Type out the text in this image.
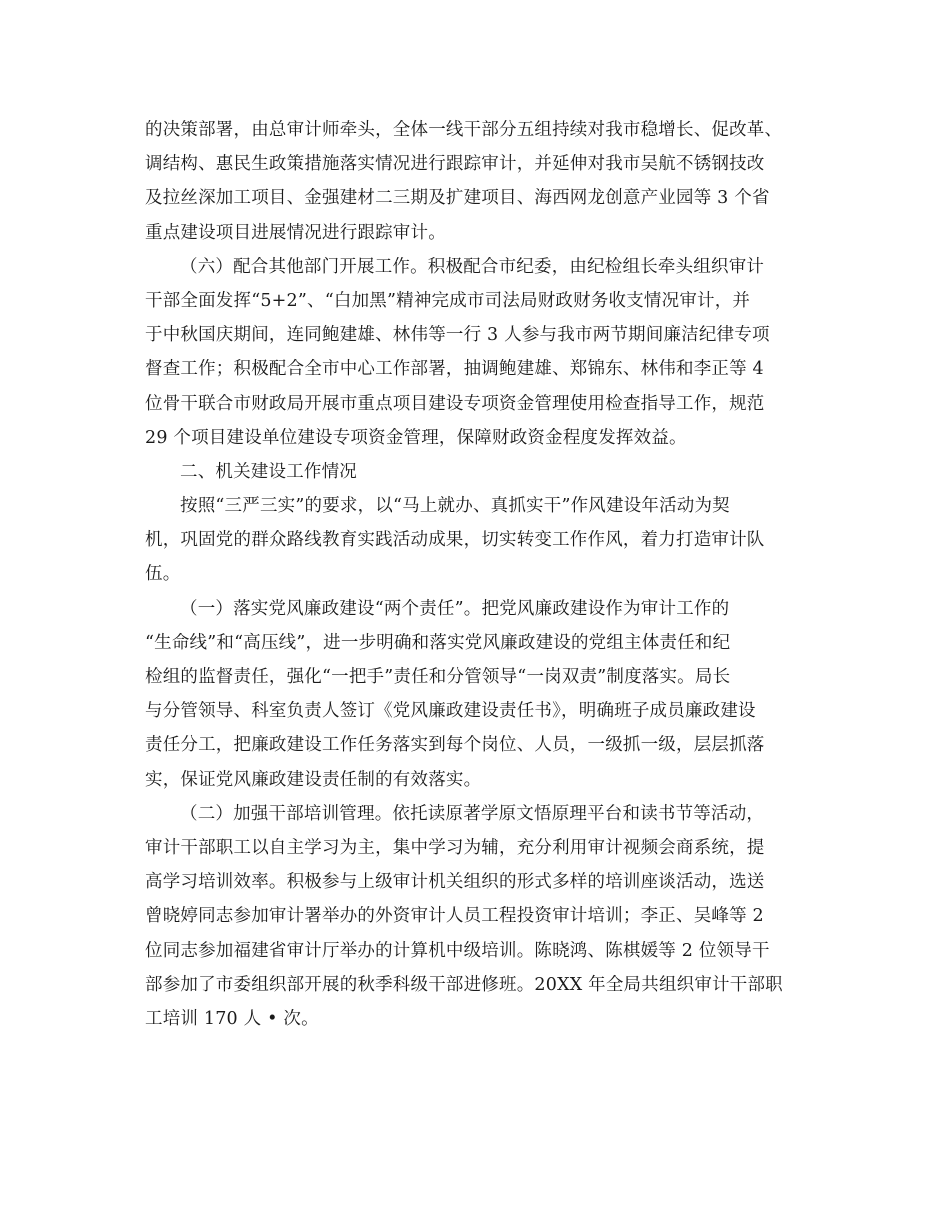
的决策部署，由总审计师牵头，全体一线干部分五组持续对我市稳增长、促改革、
调结构、惠民生政策措施落实情况进行跟踪审计，并延伸对我市吴航不锈钢技改
及拉丝深加工项目、金强建材二三期及扩建项目、海西网龙创意产业园等 3 个省
重点建设项目进展情况进行跟踪审计。
（六）配合其他部门开展工作。积极配合市纪委，由纪检组长牵头组织审计
干部全面发挥“5+2”、“白加黑”精神完成市司法局财政财务收支情况审计，并
于中秋国庆期间，连同鲍建雄、林伟等一行 3 人参与我市两节期间廉洁纪律专项
督查工作；积极配合全市中心工作部署，抽调鲍建雄、郑锦东、林伟和李正等 4
位骨干联合市财政局开展市重点项目建设专项资金管理使用检查指导工作，规范
29 个项目建设单位建设专项资金管理，保障财政资金程度发挥效益。
二、机关建设工作情况
按照“三严三实”的要求，以“马上就办、真抓实干”作风建设年活动为契
机，巩固党的群众路线教育实践活动成果，切实转变工作作风，着力打造审计队
伍。
（一）落实党风廉政建设“两个责任”。把党风廉政建设作为审计工作的
“生命线”和“高压线”，进一步明确和落实党风廉政建设的党组主体责任和纪
检组的监督责任，强化“一把手”责任和分管领导“一岗双责”制度落实。局长
与分管领导、科室负责人签订《党风廉政建设责任书》，明确班子成员廉政建设
责任分工，把廉政建设工作任务落实到每个岗位、人员，一级抓一级，层层抓落
实，保证党风廉政建设责任制的有效落实。
（二）加强干部培训管理。依托读原著学原文悟原理平台和读书节等活动，
审计干部职工以自主学习为主，集中学习为辅，充分利用审计视频会商系统，提
高学习培训效率。积极参与上级审计机关组织的形式多样的培训座谈活动，选送
曾晓婷同志参加审计署举办的外资审计人员工程投资审计培训；李正、吴峰等 2
位同志参加福建省审计厅举办的计算机中级培训。陈晓鸿、陈棋媛等 2 位领导干
部参加了市委组织部开展的秋季科级干部进修班。20XX 年全局共组织审计干部职
工培训 170 人 • 次。
